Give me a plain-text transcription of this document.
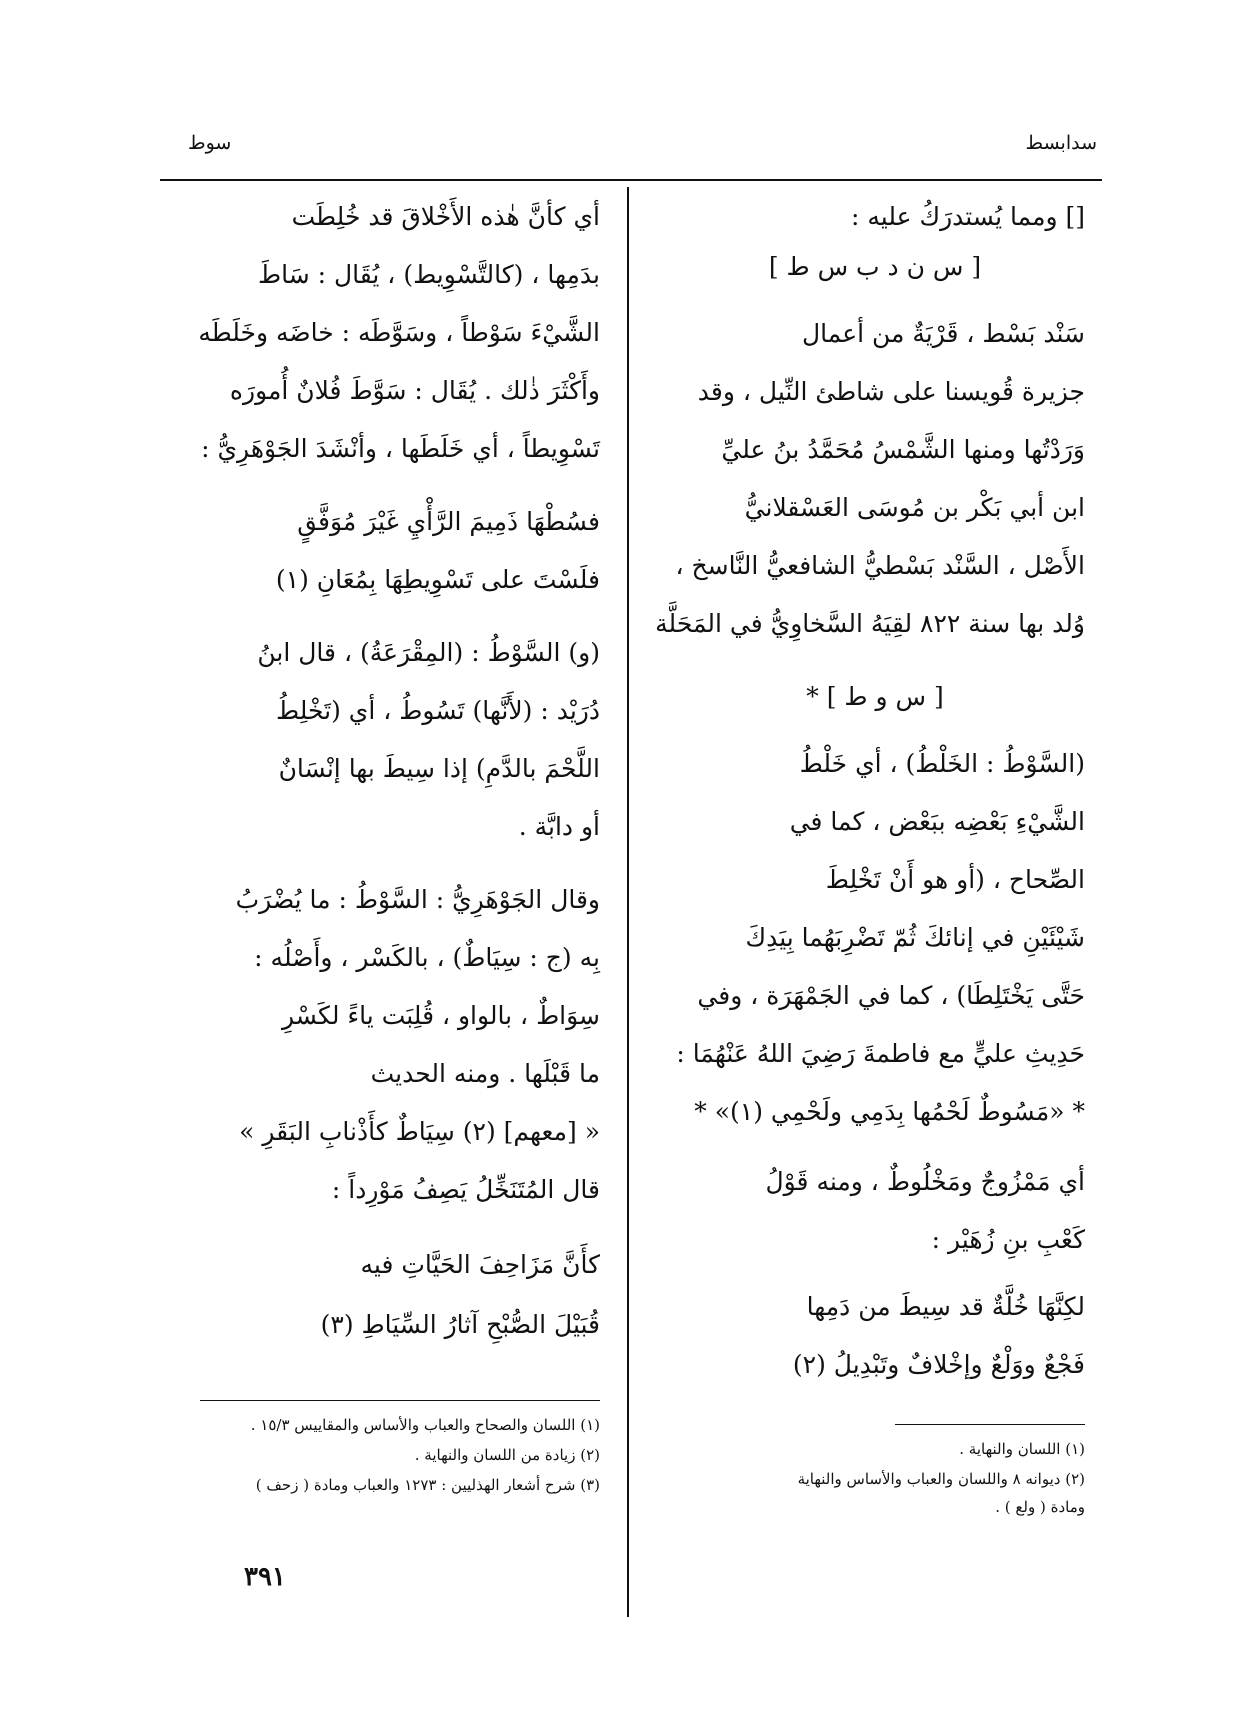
سدابسط
سوط
[] ومما يُستدرَكُ عليه :
[ س ن د ب س ط ]
سَنْد بَسْط ، قَرْيَةٌ من أعمال
جزيرة قُويسنا على شاطئ النِّيل ، وقد
وَرَدْتُها ومنها الشَّمْسُ مُحَمَّدُ بنُ عليِّ
ابن أبي بَكْر بن مُوسَى العَسْقلانيُّ
الأَصْل ، السَّنْد بَسْطيُّ الشافعيُّ النَّاسخ ،
وُلد بها سنة ٨٢٢ لقِيَهُ السَّخاوِيُّ في المَحَلَّة
[ س و ط ] *
(السَّوْطُ : الخَلْطُ) ، أي خَلْطُ
الشَّيْءِ بَعْضِه ببَعْض ، كما في
الصِّحاح ، (أو هو أَنْ تَخْلِطَ
شَيْئَيْنِ في إنائكَ ثُمّ تَضْرِبَهُما بِيَدِكَ
حَتَّى يَخْتَلِطَا) ، كما في الجَمْهَرَة ، وفي
حَدِيثِ عليٍّ مع فاطمةَ رَضِيَ اللهُ عَنْهُمَا :
* «مَسُوطٌ لَحْمُها بِدَمِي ولَحْمِي (١)» *
أي مَمْزُوجٌ ومَخْلُوطٌ ، ومنه قَوْلُ
كَعْبِ بنِ زُهَيْر :
لكِنَّهَا خُلَّةٌ قد سِيطَ من دَمِها
فَجْعٌ ووَلْعٌ وإخْلافٌ وتَبْدِيلُ (٢)
(١) اللسان والنهاية .
(٢) ديوانه ٨ واللسان والعباب والأساس والنهاية
ومادة ( ولع ) .
أي كأنَّ هٰذه الأَخْلاقَ قد خُلِطَت
بدَمِها ، (كالتَّسْوِيط) ، يُقَال : سَاطَ
الشَّيْءَ سَوْطاً ، وسَوَّطَه : خاضَه وخَلَطَه
وأَكْثَرَ ذٰلك . يُقَال : سَوَّطَ فُلانٌ أُمورَه
تَسْوِيطاً ، أي خَلَطَها ، وأنْشَدَ الجَوْهَرِيُّ :
فسُطْهَا ذَمِيمَ الرَّأْيِ غَيْرَ مُوَفَّقٍ
فلَسْتَ على تَسْوِيطِهَا بِمُعَانِ (١)
(و) السَّوْطُ : (المِقْرَعَةُ) ، قال ابنُ
دُرَيْد : (لأَنَّها) تَسُوطُ ، أي (تَخْلِطُ
اللَّحْمَ بالدَّمِ) إذا سِيطَ بها إنْسَانٌ
أو دابَّة .
وقال الجَوْهَرِيُّ : السَّوْطُ : ما يُضْرَبُ
بِه (ج : سِيَاطٌ) ، بالكَسْر ، وأَصْلُه :
سِوَاطٌ ، بالواو ، قُلِبَت ياءً لكَسْرِ
ما قَبْلَها . ومنه الحديث
« [معهم] (٢) سِيَاطٌ كأَذْنابِ البَقَرِ »
قال المُتَنَخِّلُ يَصِفُ مَوْرِداً :
كأَنَّ مَزَاحِفَ الحَيَّاتِ فيه
قُبَيْلَ الصُّبْحِ آثارُ السِّيَاطِ (٣)
(١) اللسان والصحاح والعباب والأساس والمقاييس ١٥/٣ .
(٢) زيادة من اللسان والنهاية .
(٣) شرح أشعار الهذليين : ١٢٧٣ والعباب ومادة ( زحف )
٣٩١
